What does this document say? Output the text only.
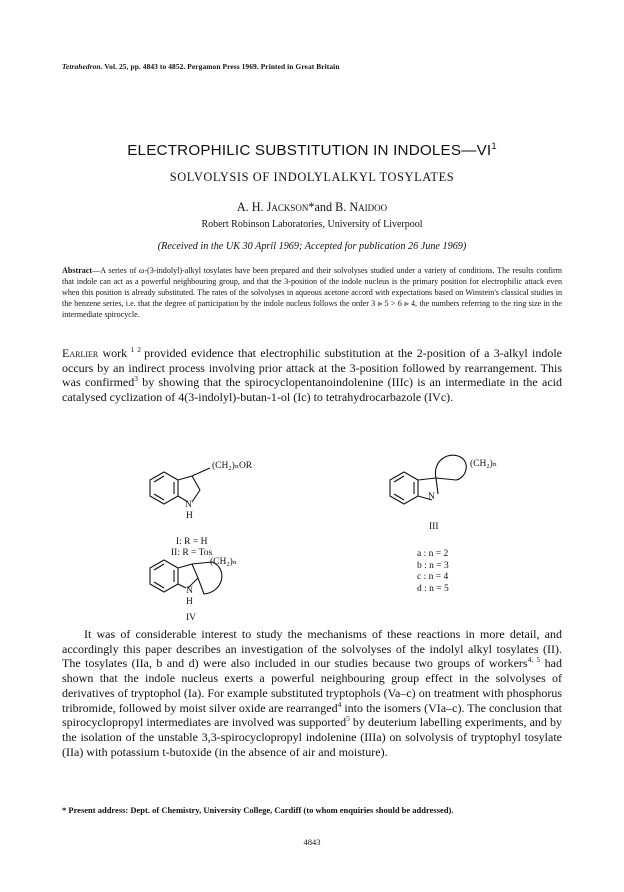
Tetrahedron. Vol. 25, pp. 4843 to 4852. Pergamon Press 1969. Printed in Great Britain
ELECTROPHILIC SUBSTITUTION IN $INDOLES—VI^1$
SOLVOLYSIS OF INDOLYLALKYL TOSYLATES
A. H. Jackson*and B. Naidoo
Robert Robinson Laboratories, University of Liverpool
(Received in the UK 30 April 1969; Accepted for publication 26 June 1969)
Abstract—A series of ω-(3-indolyl)-alkyl tosylates have been prepared and their solvolyses studied under a variety of conditions. The results confirm that indole can act as a powerful neighbouring group, and that the 3-position of the indole nucleus is the primary position for electrophilic attack even when this position is already substituted. The rates of the solvolyses in aqueous acetone accord with expectations based on Winstein's classical studies in the benzene series, i.e. that the degree of participation by the indole nucleus follows the order 3 ⪢ 5 > 6 ⪢ 4, the numbers referring to the ring size in the intermediate spirocycle.
Earlier work $^{1 2}$ provided evidence that electrophilic substitution at the 2-position of a 3-alkyl indole occurs by an indirect process involving prior attack at the 3-position followed by rearrangement. This was confirmed$^3$ by showing that the spirocyclopentanoindolenine (IIIc) is an intermediate in the acid catalysed cyclization of 4(3-indolyl)-butan-1-ol (Ic) to tetrahydrocarbazole (IVc).
(CH₂)ₙOR
N
H
I: R = H
II: R = Tos
(CH₂)ₙ
N
III
(CH₂)ₙ
N
H
IV
a : n = 2
b : n = 3
c : n = 4
d : n = 5
It was of considerable interest to study the mechanisms of these reactions in more detail, and accordingly this paper describes an investigation of the solvolyses of the indolyl alkyl tosylates (II). The tosylates (IIa, b and d) were also included in our studies because two groups of workers$^{4, 5}$ had shown that the indole nucleus exerts a powerful neighbouring group effect in the solvolyses of derivatives of tryptophol (Ia). For example substituted tryptophols (Va–c) on treatment with phosphorus tribromide, followed by moist silver oxide are rearranged$^4$ into the isomers (VIa–c). The conclusion that spirocyclopropyl intermediates are involved was supported$^5$ by deuterium labelling experiments, and by the isolation of the unstable 3,3-spirocyclopropyl indolenine (IIIa) on solvolysis of tryptophyl tosylate (IIa) with potassium t-butoxide (in the absence of air and moisture).
* Present address: Dept. of Chemistry, University College, Cardiff (to whom enquiries should be addressed).
4843
